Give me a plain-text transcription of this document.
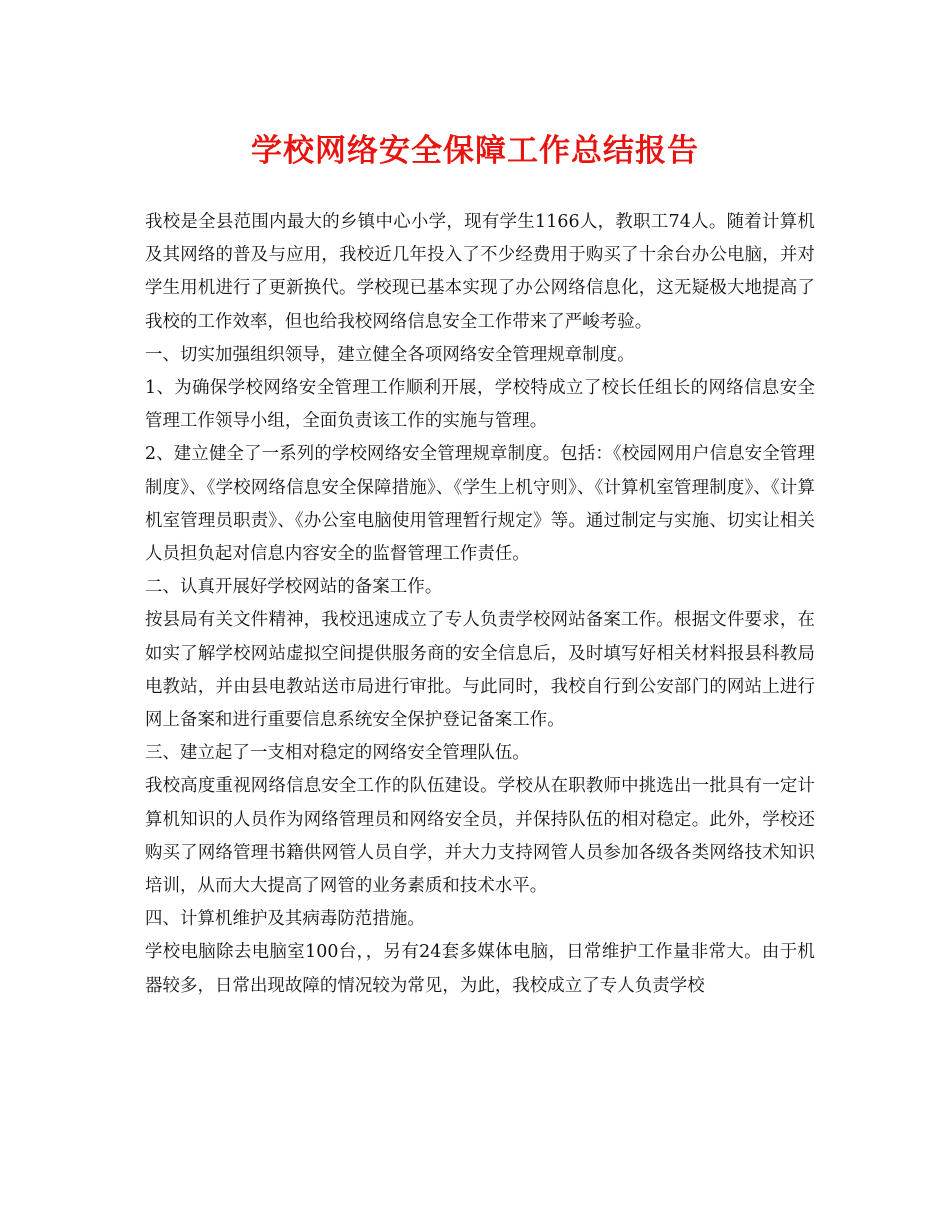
学校网络安全保障工作总结报告

我校是全县范围内最大的乡镇中心小学，现有学生1166人，教职工74人。随着计算机及其网络的普及与应用，我校近几年投入了不少经费用于购买了十余台办公电脑，并对学生用机进行了更新换代。学校现已基本实现了办公网络信息化，这无疑极大地提高了我校的工作效率，但也给我校网络信息安全工作带来了严峻考验。

一、切实加强组织领导，建立健全各项网络安全管理规章制度。

1、为确保学校网络安全管理工作顺利开展，学校特成立了校长任组长的网络信息安全管理工作领导小组，全面负责该工作的实施与管理。

2、建立健全了一系列的学校网络安全管理规章制度。包括：《校园网用户信息安全管理制度》、《学校网络信息安全保障措施》、《学生上机守则》、《计算机室管理制度》、《计算机室管理员职责》、《办公室电脑使用管理暂行规定》等。通过制定与实施、切实让相关人员担负起对信息内容安全的监督管理工作责任。

二、认真开展好学校网站的备案工作。

按县局有关文件精神，我校迅速成立了专人负责学校网站备案工作。根据文件要求，在如实了解学校网站虚拟空间提供服务商的安全信息后，及时填写好相关材料报县科教局电教站，并由县电教站送市局进行审批。与此同时，我校自行到公安部门的网站上进行网上备案和进行重要信息系统安全保护登记备案工作。

三、建立起了一支相对稳定的网络安全管理队伍。

我校高度重视网络信息安全工作的队伍建设。学校从在职教师中挑选出一批具有一定计算机知识的人员作为网络管理员和网络安全员，并保持队伍的相对稳定。此外，学校还购买了网络管理书籍供网管人员自学，并大力支持网管人员参加各级各类网络技术知识培训，从而大大提高了网管的业务素质和技术水平。

四、计算机维护及其病毒防范措施。

学校电脑除去电脑室100台，，另有24套多媒体电脑，日常维护工作量非常大。由于机器较多，日常出现故障的情况较为常见，为此，我校成立了专人负责学校
